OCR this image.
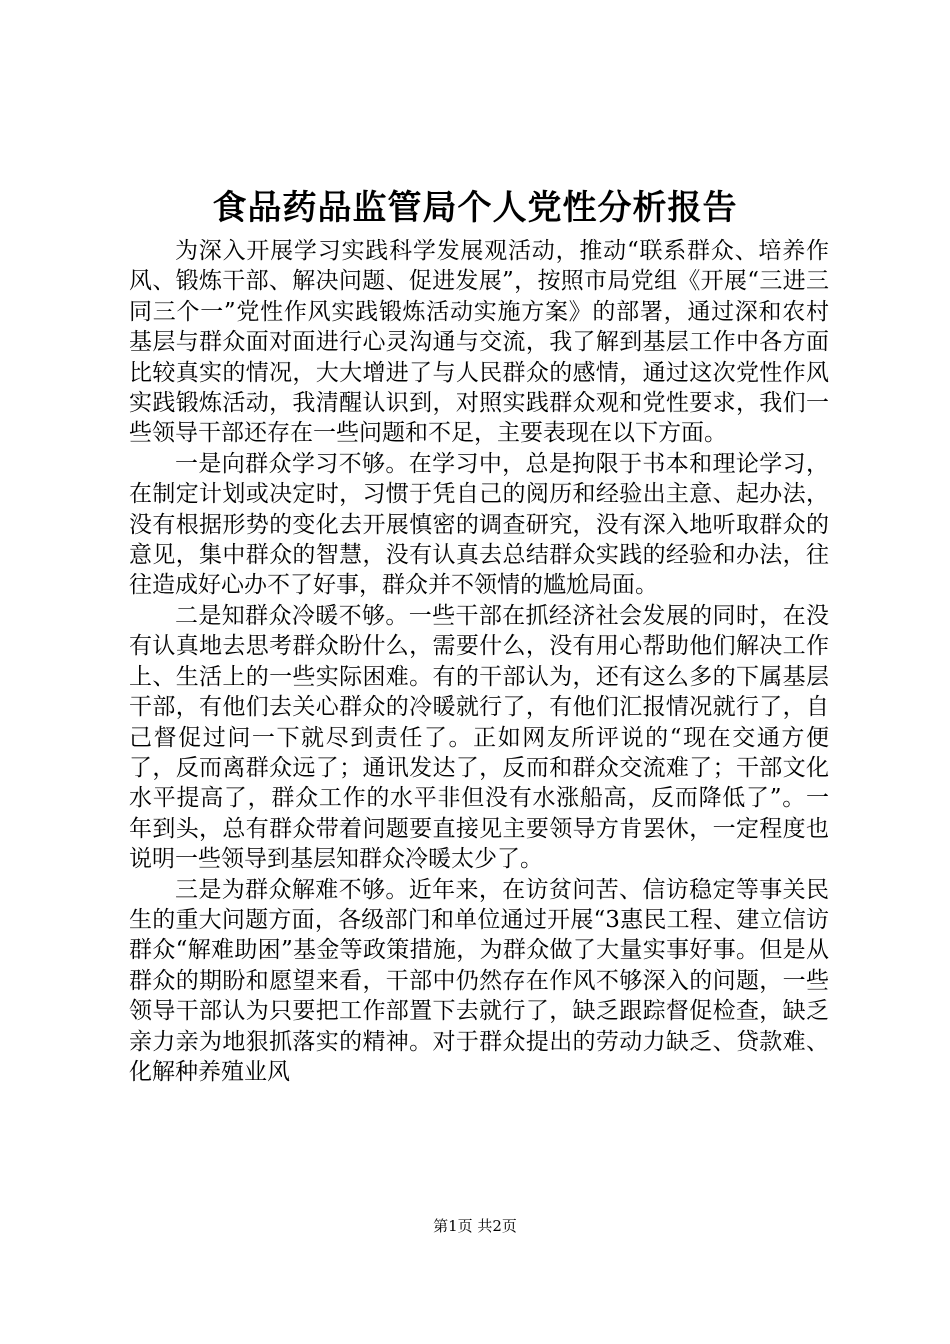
食品药品监管局个人党性分析报告

为深入开展学习实践科学发展观活动，推动“联系群众、培养作风、锻炼干部、解决问题、促进发展”，按照市局党组《开展“三进三同三个一”党性作风实践锻炼活动实施方案》的部署，通过深和农村基层与群众面对面进行心灵沟通与交流，我了解到基层工作中各方面比较真实的情况，大大增进了与人民群众的感情，通过这次党性作风实践锻炼活动，我清醒认识到，对照实践群众观和党性要求，我们一些领导干部还存在一些问题和不足，主要表现在以下方面。

一是向群众学习不够。在学习中，总是拘限于书本和理论学习，在制定计划或决定时，习惯于凭自己的阅历和经验出主意、起办法，没有根据形势的变化去开展慎密的调查研究，没有深入地听取群众的意见，集中群众的智慧，没有认真去总结群众实践的经验和办法，往往造成好心办不了好事，群众并不领情的尴尬局面。

二是知群众冷暖不够。一些干部在抓经济社会发展的同时，在没有认真地去思考群众盼什么，需要什么，没有用心帮助他们解决工作上、生活上的一些实际困难。有的干部认为，还有这么多的下属基层干部，有他们去关心群众的冷暖就行了，有他们汇报情况就行了，自己督促过问一下就尽到责任了。正如网友所评说的“现在交通方便了，反而离群众远了；通讯发达了，反而和群众交流难了；干部文化水平提高了，群众工作的水平非但没有水涨船高，反而降低了”。一年到头，总有群众带着问题要直接见主要领导方肯罢休，一定程度也说明一些领导到基层知群众冷暖太少了。

三是为群众解难不够。近年来，在访贫问苦、信访稳定等事关民生的重大问题方面，各级部门和单位通过开展“3惠民工程、建立信访群众“解难助困”基金等政策措施，为群众做了大量实事好事。但是从群众的期盼和愿望来看，干部中仍然存在作风不够深入的问题，一些领导干部认为只要把工作部置下去就行了，缺乏跟踪督促检查，缺乏亲力亲为地狠抓落实的精神。对于群众提出的劳动力缺乏、贷款难、化解种养殖业风

第1页 共2页
